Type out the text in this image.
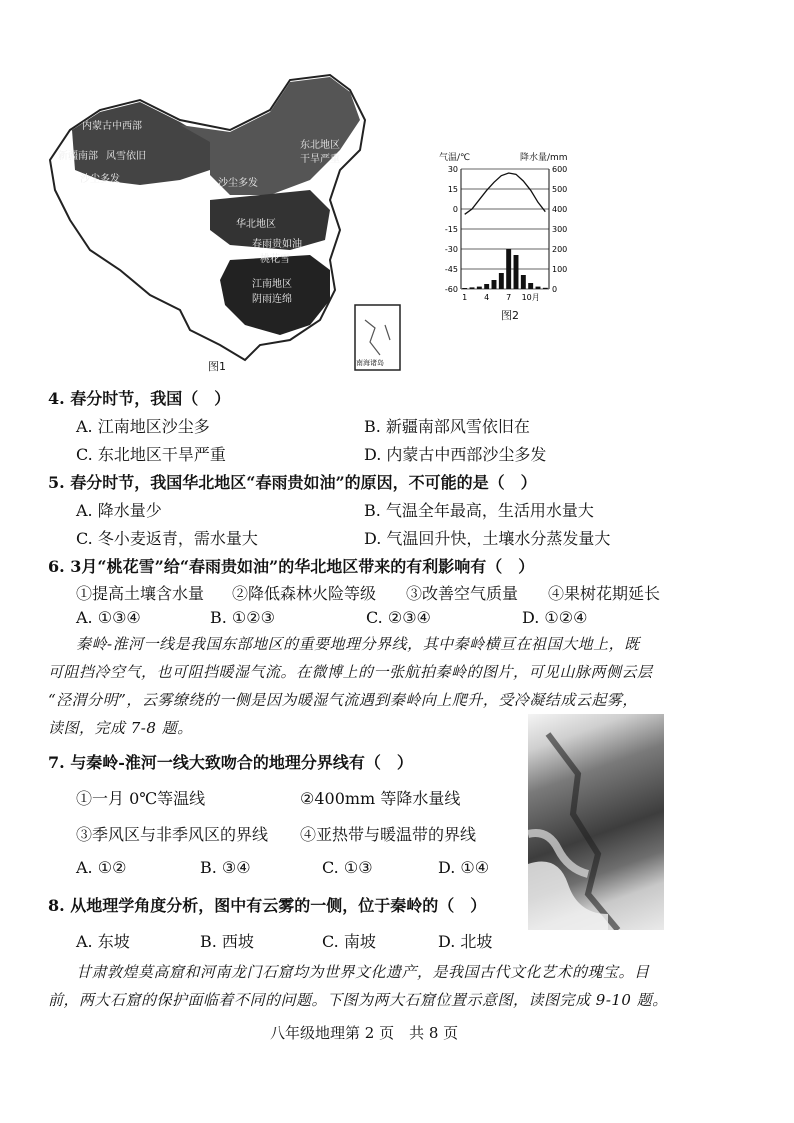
内蒙古中西部
新疆南部 风雪依旧
沙尘多发
东北地区
干旱严重
沙尘多发
华北地区
春雨贵如油
桃花雪
江南地区
阴雨连绵
南海诸岛
图1
气温/℃	降水量/mm
30	600
15	500
0	400
-15	300
-30	200
-45	100
-60	0
1 4 7 10月
图2
4. 春分时节，我国（　）
A. 江南地区沙尘多	B. 新疆南部风雪依旧在
C. 东北地区干旱严重	D. 内蒙古中西部沙尘多发
5. 春分时节，我国华北地区“春雨贵如油”的原因，不可能的是（　）
A. 降水量少	B. 气温全年最高，生活用水量大
C. 冬小麦返青，需水量大	D. 气温回升快，土壤水分蒸发量大
6. 3月“桃花雪”给“春雨贵如油”的华北地区带来的有利影响有（　）
①提高土壤含水量 ②降低森林火险等级 ③改善空气质量 ④果树花期延长
A. ①③④	B. ①②③	C. ②③④	D. ①②④
秦岭-淮河一线是我国东部地区的重要地理分界线，其中秦岭横亘在祖国大地上，既
可阻挡冷空气，也可阻挡暖湿气流。在微博上的一张航拍秦岭的图片，可见山脉两侧云层
“泾渭分明”，云雾缭绕的一侧是因为暖湿气流遇到秦岭向上爬升，受冷凝结成云起雾，
读图，完成 7-8 题。
7. 与秦岭-淮河一线大致吻合的地理分界线有（　）
①一月 0℃等温线	②400mm 等降水量线
③季风区与非季风区的界线 ④亚热带与暖温带的界线
A. ①②	B. ③④	C. ①③	D. ①④
8. 从地理学角度分析，图中有云雾的一侧，位于秦岭的（　）
A. 东坡	B. 西坡	C. 南坡	D. 北坡
甘肃敦煌莫高窟和河南龙门石窟均为世界文化遗产，是我国古代文化艺术的瑰宝。目
前，两大石窟的保护面临着不同的问题。下图为两大石窟位置示意图，读图完成 9-10 题。
八年级地理第 2 页　共 8 页
